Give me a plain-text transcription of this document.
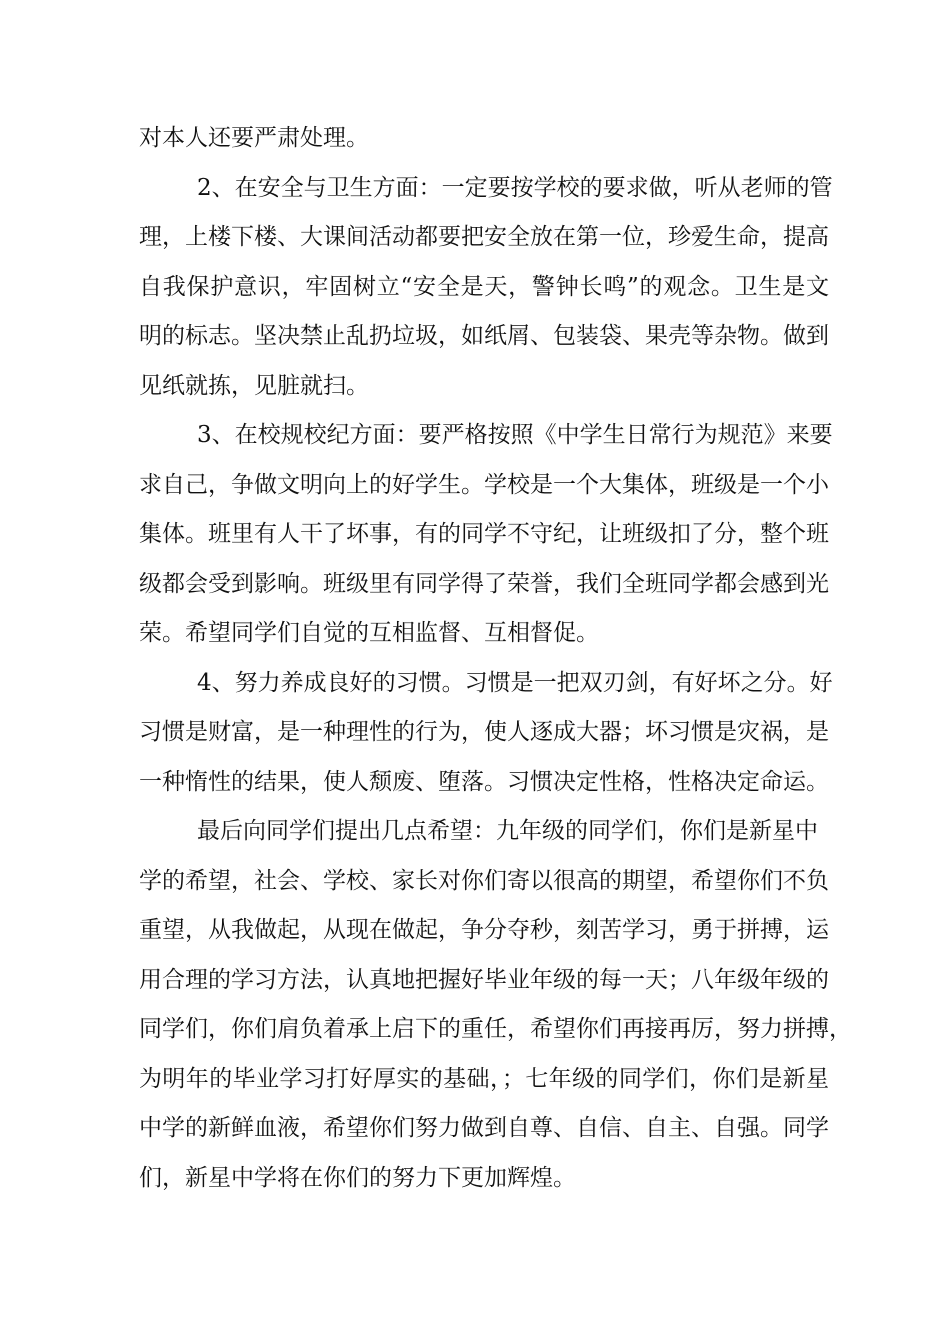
对本人还要严肃处理。
2、在安全与卫生方面：一定要按学校的要求做，听从老师的管
理，上楼下楼、大课间活动都要把安全放在第一位，珍爱生命，提高
自我保护意识，牢固树立“安全是天，警钟长鸣”的观念。卫生是文
明的标志。坚决禁止乱扔垃圾，如纸屑、包装袋、果壳等杂物。做到
见纸就拣，见脏就扫。
3、在校规校纪方面：要严格按照《中学生日常行为规范》来要
求自己，争做文明向上的好学生。学校是一个大集体，班级是一个小
集体。班里有人干了坏事，有的同学不守纪，让班级扣了分，整个班
级都会受到影响。班级里有同学得了荣誉，我们全班同学都会感到光
荣。希望同学们自觉的互相监督、互相督促。
4、努力养成良好的习惯。习惯是一把双刃剑，有好坏之分。好
习惯是财富，是一种理性的行为，使人逐成大器；坏习惯是灾祸，是
一种惰性的结果，使人颓废、堕落。习惯决定性格，性格决定命运。
最后向同学们提出几点希望：九年级的同学们，你们是新星中
学的希望，社会、学校、家长对你们寄以很高的期望，希望你们不负
重望，从我做起，从现在做起，争分夺秒，刻苦学习，勇于拼搏，运
用合理的学习方法，认真地把握好毕业年级的每一天；八年级年级的
同学们，你们肩负着承上启下的重任，希望你们再接再厉，努力拼搏，
为明年的毕业学习打好厚实的基础，；七年级的同学们，你们是新星
中学的新鲜血液，希望你们努力做到自尊、自信、自主、自强。同学
们，新星中学将在你们的努力下更加辉煌。
